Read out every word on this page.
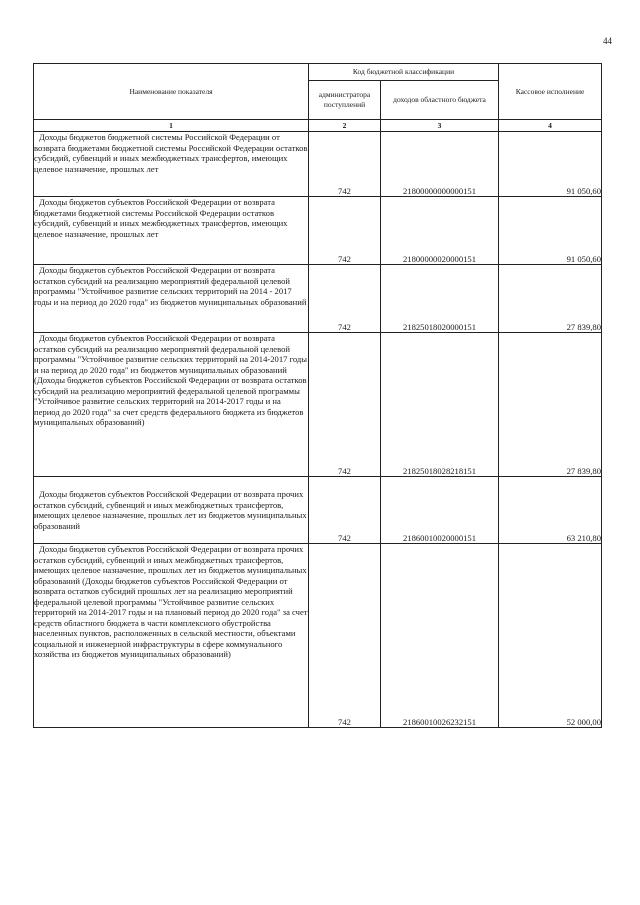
44
Наименование показателя	Код бюджетной классификации		Кассовое исполнение
	администратора поступлений	доходов областного бюджета	
1	2	3	4

Доходы бюджетов бюджетной системы Российской Федерации от возврата бюджетами бюджетной системы Российской Федерации остатков субсидий, субвенций и иных межбюджетных трансфертов, имеющих целевое назначение, прошлых лет	742	21800000000000151	91 050,60

Доходы бюджетов субъектов Российской Федерации от возврата бюджетами бюджетной системы Российской Федерации остатков субсидий, субвенций и иных межбюджетных трансфертов, имеющих целевое назначение, прошлых лет	742	21800000020000151	91 050,60

Доходы бюджетов субъектов Российской Федерации от возврата остатков субсидий на реализацию мероприятий федеральной целевой программы "Устойчивое развитие сельских территорий на 2014 - 2017 годы и на период до 2020 года" из бюджетов муниципальных образований	742	21825018020000151	27 839,80

Доходы бюджетов субъектов Российской Федерации от возврата остатков субсидий на реализацию мероприятий федеральной целевой программы "Устойчивое развитие сельских территорий на 2014-2017 годы и на период до 2020 года" из бюджетов муниципальных образований (Доходы бюджетов субъектов Российской Федерации от возврата остатков субсидий на реализацию мероприятий федеральной целевой программы "Устойчивое развитие сельских территорий на 2014-2017 годы и на период до 2020 года" за счет средств федерального бюджета из бюджетов муниципальных образований)	742	21825018028218151	27 839,80

Доходы бюджетов субъектов Российской Федерации от возврата прочих остатков субсидий, субвенций и иных межбюджетных трансфертов, имеющих целевое назначение, прошлых лет из бюджетов муниципальных образований	742	21860010020000151	63 210,80

Доходы бюджетов субъектов Российской Федерации от возврата прочих остатков субсидий, субвенций и иных межбюджетных трансфертов, имеющих целевое назначение, прошлых лет из бюджетов муниципальных образований (Доходы бюджетов субъектов Российской Федерации от возврата остатков субсидий прошлых лет на реализацию мероприятий федеральной целевой программы "Устойчивое развитие сельских территорий на 2014-2017 годы и на плановый период до 2020 года" за счет средств областного бюджета в части комплексного обустройства населенных пунктов, расположенных в сельской местности, объектами социальной и инженерной инфраструктуры в сфере коммунального хозяйства из бюджетов муниципальных образований)	742	21860010026232151	52 000,00
